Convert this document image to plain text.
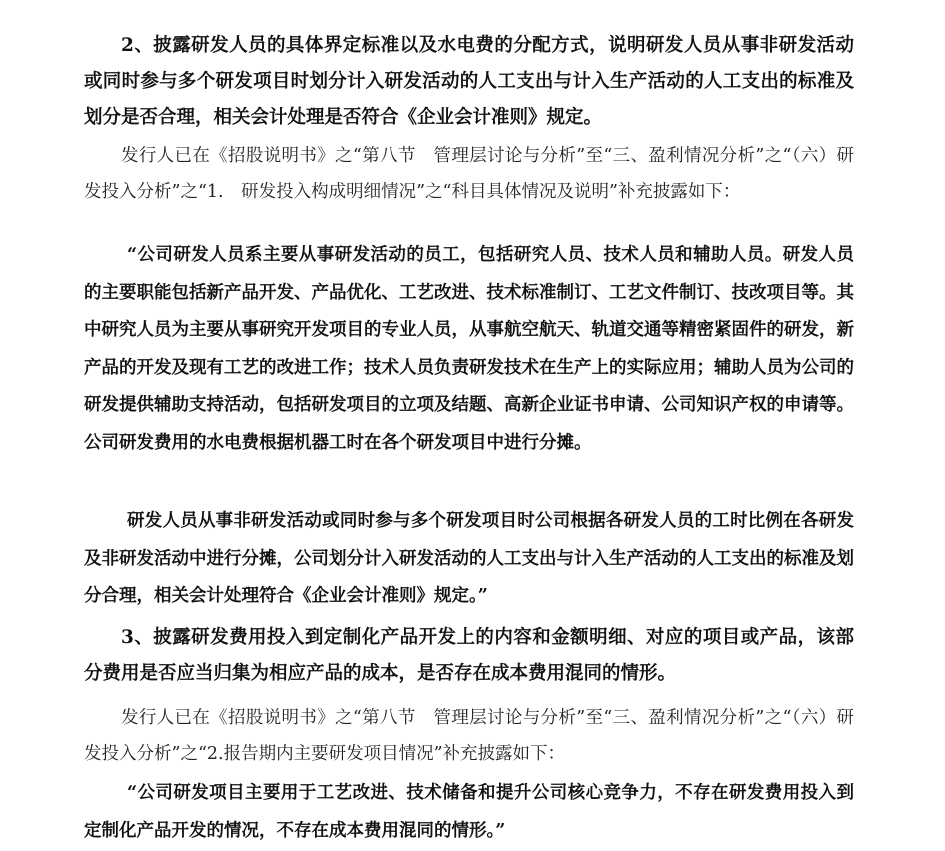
2、披露研发人员的具体界定标准以及水电费的分配方式，说明研发人员从事非研发活动或同时参与多个研发项目时划分计入研发活动的人工支出与计入生产活动的人工支出的标准及划分是否合理，相关会计处理是否符合《企业会计准则》规定。

发行人已在《招股说明书》之“第八节　管理层讨论与分析”至“三、盈利情况分析”之“（六）研发投入分析”之“1.　研发投入构成明细情况”之“科目具体情况及说明”补充披露如下：

“公司研发人员系主要从事研发活动的员工，包括研究人员、技术人员和辅助人员。研发人员的主要职能包括新产品开发、产品优化、工艺改进、技术标准制订、工艺文件制订、技改项目等。其中研究人员为主要从事研究开发项目的专业人员，从事航空航天、轨道交通等精密紧固件的研发，新产品的开发及现有工艺的改进工作；技术人员负责研发技术在生产上的实际应用；辅助人员为公司的研发提供辅助支持活动，包括研发项目的立项及结题、高新企业证书申请、公司知识产权的申请等。公司研发费用的水电费根据机器工时在各个研发项目中进行分摊。

研发人员从事非研发活动或同时参与多个研发项目时公司根据各研发人员的工时比例在各研发及非研发活动中进行分摊，公司划分计入研发活动的人工支出与计入生产活动的人工支出的标准及划分合理，相关会计处理符合《企业会计准则》规定。”

3、披露研发费用投入到定制化产品开发上的内容和金额明细、对应的项目或产品，该部分费用是否应当归集为相应产品的成本，是否存在成本费用混同的情形。

发行人已在《招股说明书》之“第八节　管理层讨论与分析”至“三、盈利情况分析”之“（六）研发投入分析”之“2.报告期内主要研发项目情况”补充披露如下：

“公司研发项目主要用于工艺改进、技术储备和提升公司核心竞争力，不存在研发费用投入到定制化产品开发的情况，不存在成本费用混同的情形。”
